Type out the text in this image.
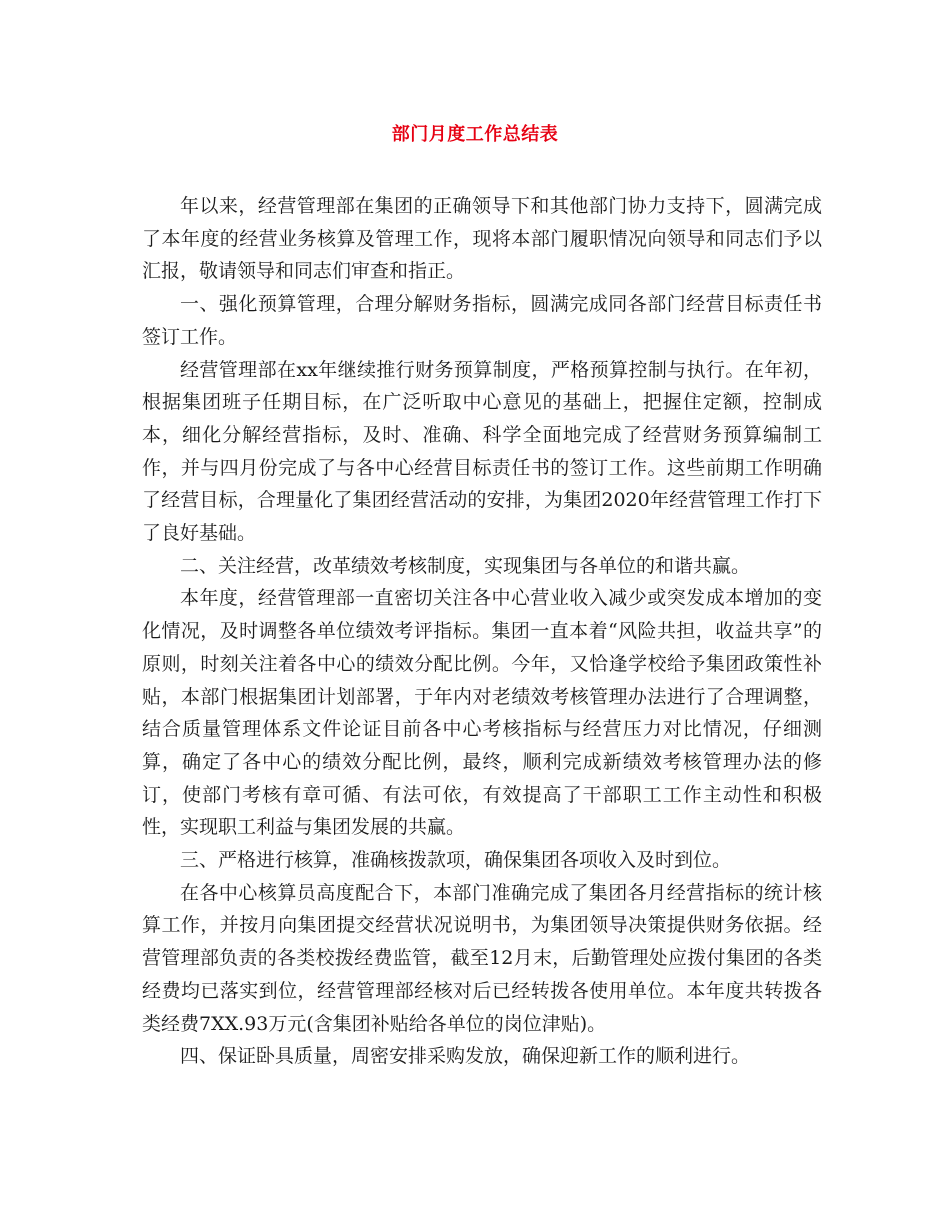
部门月度工作总结表

年以来，经营管理部在集团的正确领导下和其他部门协力支持下，圆满完成了本年度的经营业务核算及管理工作，现将本部门履职情况向领导和同志们予以汇报，敬请领导和同志们审查和指正。

一、强化预算管理，合理分解财务指标，圆满完成同各部门经营目标责任书签订工作。

经营管理部在xx年继续推行财务预算制度，严格预算控制与执行。在年初，根据集团班子任期目标，在广泛听取中心意见的基础上，把握住定额，控制成本，细化分解经营指标，及时、准确、科学全面地完成了经营财务预算编制工作，并与四月份完成了与各中心经营目标责任书的签订工作。这些前期工作明确了经营目标，合理量化了集团经营活动的安排，为集团2020年经营管理工作打下了良好基础。

二、关注经营，改革绩效考核制度，实现集团与各单位的和谐共赢。

本年度，经营管理部一直密切关注各中心营业收入减少或突发成本增加的变化情况，及时调整各单位绩效考评指标。集团一直本着“风险共担，收益共享”的原则，时刻关注着各中心的绩效分配比例。今年，又恰逢学校给予集团政策性补贴，本部门根据集团计划部署，于年内对老绩效考核管理办法进行了合理调整，结合质量管理体系文件论证目前各中心考核指标与经营压力对比情况，仔细测算，确定了各中心的绩效分配比例，最终，顺利完成新绩效考核管理办法的修订，使部门考核有章可循、有法可依，有效提高了干部职工工作主动性和积极性，实现职工利益与集团发展的共赢。

三、严格进行核算，准确核拨款项，确保集团各项收入及时到位。

在各中心核算员高度配合下，本部门准确完成了集团各月经营指标的统计核算工作，并按月向集团提交经营状况说明书，为集团领导决策提供财务依据。经营管理部负责的各类校拨经费监管，截至12月末，后勤管理处应拨付集团的各类经费均已落实到位，经营管理部经核对后已经转拨各使用单位。本年度共转拨各类经费7XX.93万元(含集团补贴给各单位的岗位津贴)。

四、保证卧具质量，周密安排采购发放，确保迎新工作的顺利进行。
